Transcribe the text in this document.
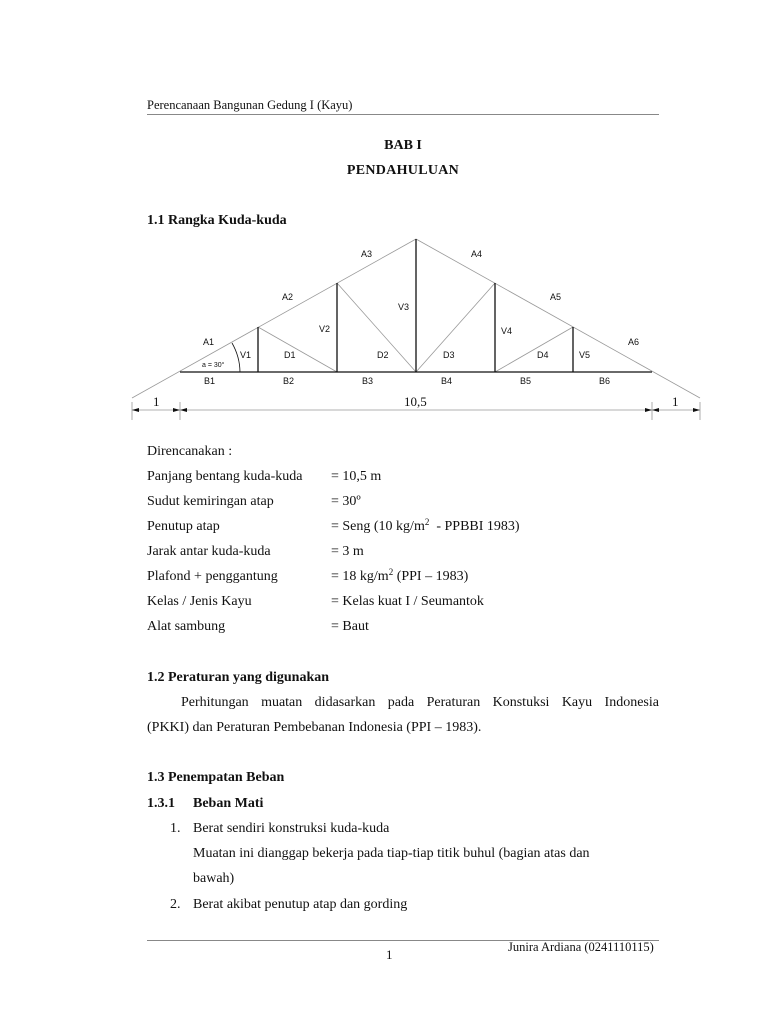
Perencanaan Bangunan Gedung I (Kayu)
BAB I
PENDAHULUAN
1.1 Rangka Kuda-kuda
A1
A2
A3	A4
A5
A6
V1
V2
V3
V4
V5
D1	D2	D3	D4
B1	B2	B3	B4	B5	B6
a = 30°
1	10,5	1
Direncanakan :
Panjang bentang kuda-kuda = 10,5 m
Sudut kemiringan atap	= 30º
Penutup atap	= Seng (10 $kg/m^2$  - PPBBI 1983)
Jarak antar kuda-kuda	= 3 m
Plafond + penggantung	= 18 $kg/m^2$ (PPI – 1983)
Kelas / Jenis Kayu	= Kelas kuat I / Seumantok
Alat sambung	= Baut
1.2 Peraturan yang digunakan
Perhitungan muatan didasarkan pada Peraturan Konstuksi Kayu Indonesia
(PKKI) dan Peraturan Pembebanan Indonesia (PPI – 1983).
1.3 Penempatan Beban
1.3.1 Beban Mati
1. Berat sendiri konstruksi kuda-kuda
Muatan ini dianggap bekerja pada tiap-tiap titik buhul (bagian atas dan
bawah)
2. Berat akibat penutup atap dan gording
Junira Ardiana (0241110115)
1
